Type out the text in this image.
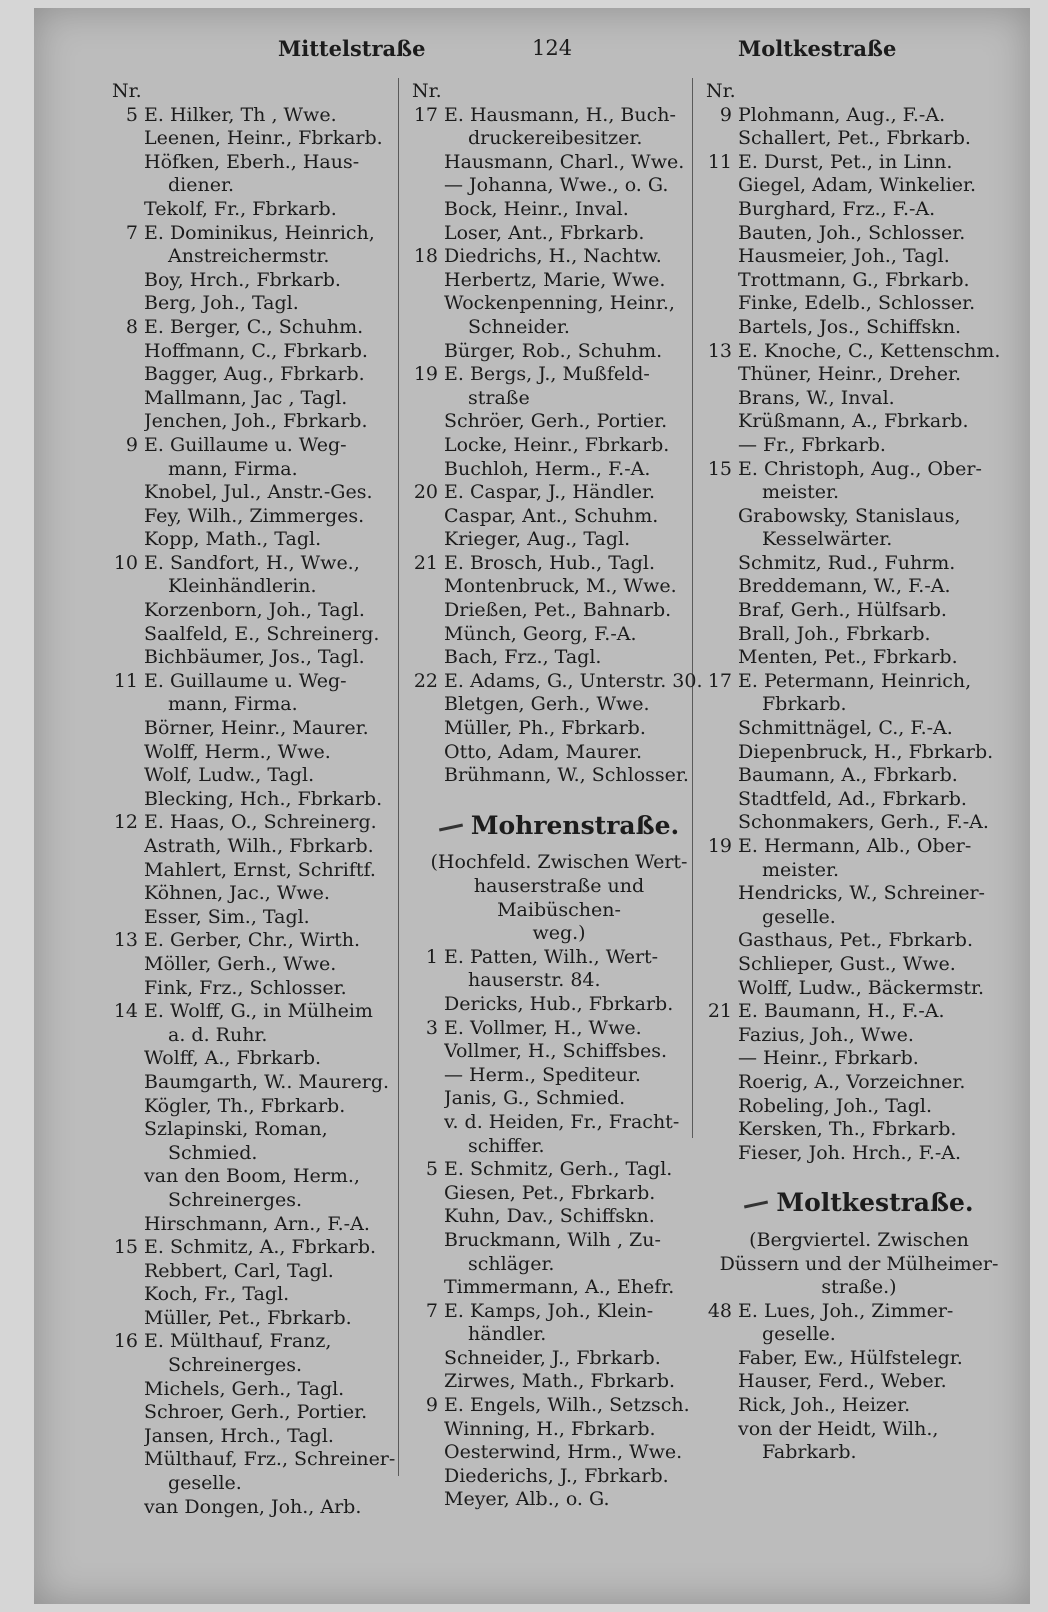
Mittelstraße	124	Moltkestraße
Nr.
5 E. Hilker, Th , Wwe.
Leenen, Heinr., Fbrkarb.
Höfken, Eberh., Haus-
diener.
Tekolf, Fr., Fbrkarb.
7 E. Dominikus, Heinrich,
Anstreichermstr.
Boy, Hrch., Fbrkarb.
Berg, Joh., Tagl.
8 E. Berger, C., Schuhm.
Hoffmann, C., Fbrkarb.
Bagger, Aug., Fbrkarb.
Mallmann, Jac , Tagl.
Jenchen, Joh., Fbrkarb.
9 E. Guillaume u. Weg-
mann, Firma.
Knobel, Jul., Anstr.-Ges.
Fey, Wilh., Zimmerges.
Kopp, Math., Tagl.
10 E. Sandfort, H., Wwe.,
Kleinhändlerin.
Korzenborn, Joh., Tagl.
Saalfeld, E., Schreinerg.
Bichbäumer, Jos., Tagl.
11 E. Guillaume u. Weg-
mann, Firma.
Börner, Heinr., Maurer.
Wolff, Herm., Wwe.
Wolf, Ludw., Tagl.
Blecking, Hch., Fbrkarb.
12 E. Haas, O., Schreinerg.
Astrath, Wilh., Fbrkarb.
Mahlert, Ernst, Schriftf.
Köhnen, Jac., Wwe.
Esser, Sim., Tagl.
13 E. Gerber, Chr., Wirth.
Möller, Gerh., Wwe.
Fink, Frz., Schlosser.
14 E. Wolff, G., in Mülheim
a. d. Ruhr.
Wolff, A., Fbrkarb.
Baumgarth, W.. Maurerg.
Kögler, Th., Fbrkarb.
Szlapinski, Roman,
Schmied.
van den Boom, Herm.,
Schreinerges.
Hirschmann, Arn., F.-A.
15 E. Schmitz, A., Fbrkarb.
Rebbert, Carl, Tagl.
Koch, Fr., Tagl.
Müller, Pet., Fbrkarb.
16 E. Mülthauf, Franz,
Schreinerges.
Michels, Gerh., Tagl.
Schroer, Gerh., Portier.
Jansen, Hrch., Tagl.
Mülthauf, Frz., Schreiner-
geselle.
van Dongen, Joh., Arb.
Nr.
17 E. Hausmann, H., Buch-
druckereibesitzer.
Hausmann, Charl., Wwe.
— Johanna, Wwe., o. G.
Bock, Heinr., Inval.
Loser, Ant., Fbrkarb.
18 Diedrichs, H., Nachtw.
Herbertz, Marie, Wwe.
Wockenpenning, Heinr.,
Schneider.
Bürger, Rob., Schuhm.
19 E. Bergs, J., Mußfeld-
straße
Schröer, Gerh., Portier.
Locke, Heinr., Fbrkarb.
Buchloh, Herm., F.-A.
20 E. Caspar, J., Händler.
Caspar, Ant., Schuhm.
Krieger, Aug., Tagl.
21 E. Brosch, Hub., Tagl.
Montenbruck, M., Wwe.
Drießen, Pet., Bahnarb.
Münch, Georg, F.-A.
Bach, Frz., Tagl.
22 E. Adams, G., Unterstr. 30.
Bletgen, Gerh., Wwe.
Müller, Ph., Fbrkarb.
Otto, Adam, Maurer.
Brühmann, W., Schlosser.
Mohrenstraße.
(Hochfeld. Zwischen Wert-
hauserstraße und Maibüschen-
weg.)
1 E. Patten, Wilh., Wert-
hauserstr. 84.
Dericks, Hub., Fbrkarb.
3 E. Vollmer, H., Wwe.
Vollmer, H., Schiffsbes.
— Herm., Spediteur.
Janis, G., Schmied.
v. d. Heiden, Fr., Fracht-
schiffer.
5 E. Schmitz, Gerh., Tagl.
Giesen, Pet., Fbrkarb.
Kuhn, Dav., Schiffskn.
Bruckmann, Wilh , Zu-
schläger.
Timmermann, A., Ehefr.
7 E. Kamps, Joh., Klein-
händler.
Schneider, J., Fbrkarb.
Zirwes, Math., Fbrkarb.
9 E. Engels, Wilh., Setzsch.
Winning, H., Fbrkarb.
Oesterwind, Hrm., Wwe.
Diederichs, J., Fbrkarb.
Meyer, Alb., o. G.
Nr.
9 Plohmann, Aug., F.-A.
Schallert, Pet., Fbrkarb.
11 E. Durst, Pet., in Linn.
Giegel, Adam, Winkelier.
Burghard, Frz., F.-A.
Bauten, Joh., Schlosser.
Hausmeier, Joh., Tagl.
Trottmann, G., Fbrkarb.
Finke, Edelb., Schlosser.
Bartels, Jos., Schiffskn.
13 E. Knoche, C., Kettenschm.
Thüner, Heinr., Dreher.
Brans, W., Inval.
Krüßmann, A., Fbrkarb.
— Fr., Fbrkarb.
15 E. Christoph, Aug., Ober-
meister.
Grabowsky, Stanislaus,
Kesselwärter.
Schmitz, Rud., Fuhrm.
Breddemann, W., F.-A.
Braf, Gerh., Hülfsarb.
Brall, Joh., Fbrkarb.
Menten, Pet., Fbrkarb.
17 E. Petermann, Heinrich,
Fbrkarb.
Schmittnägel, C., F.-A.
Diepenbruck, H., Fbrkarb.
Baumann, A., Fbrkarb.
Stadtfeld, Ad., Fbrkarb.
Schonmakers, Gerh., F.-A.
19 E. Hermann, Alb., Ober-
meister.
Hendricks, W., Schreiner-
geselle.
Gasthaus, Pet., Fbrkarb.
Schlieper, Gust., Wwe.
Wolff, Ludw., Bäckermstr.
21 E. Baumann, H., F.-A.
Fazius, Joh., Wwe.
— Heinr., Fbrkarb.
Roerig, A., Vorzeichner.
Robeling, Joh., Tagl.
Kersken, Th., Fbrkarb.
Fieser, Joh. Hrch., F.-A.
Moltkestraße.
(Bergviertel. Zwischen
Düssern und der Mülheimer-
straße.)
48 E. Lues, Joh., Zimmer-
geselle.
Faber, Ew., Hülfstelegr.
Hauser, Ferd., Weber.
Rick, Joh., Heizer.
von der Heidt, Wilh.,
Fabrkarb.
